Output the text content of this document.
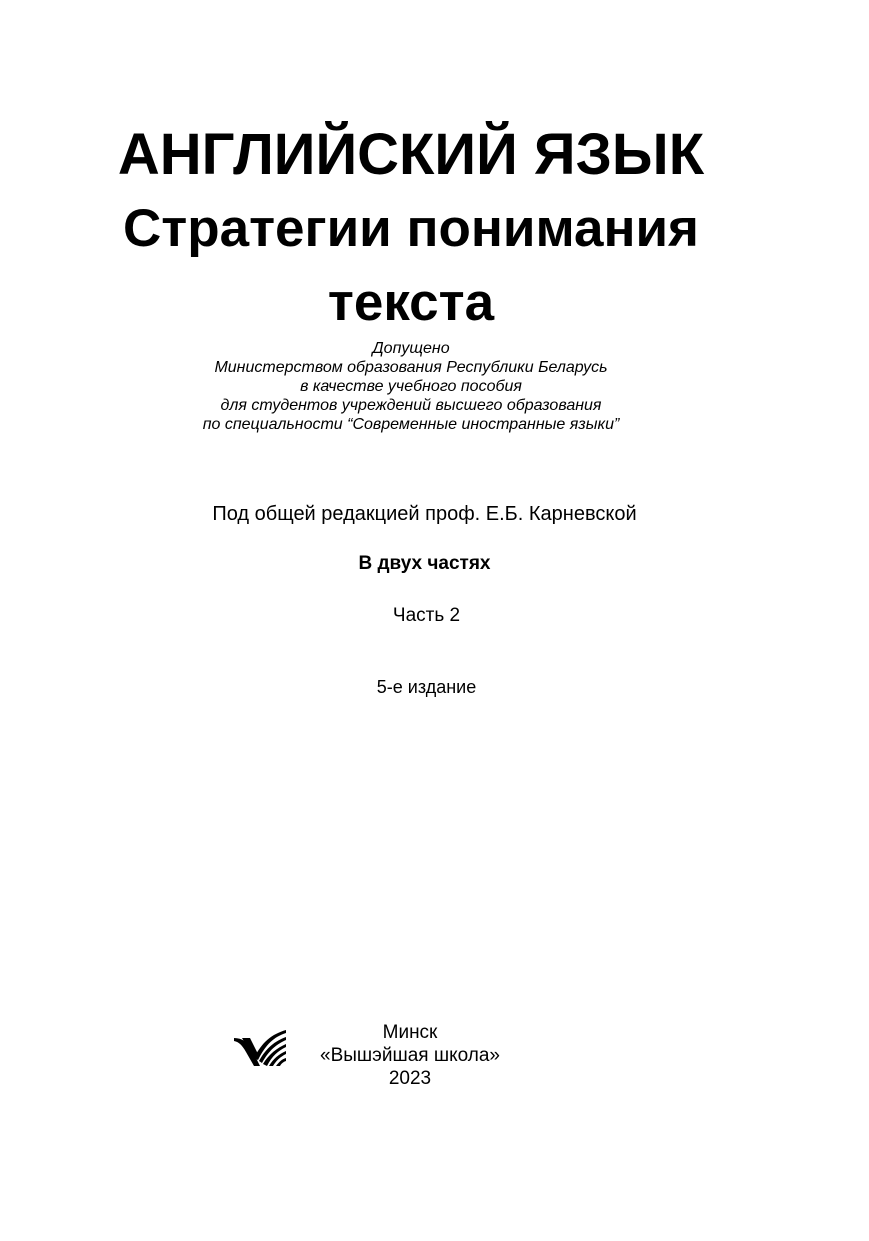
АНГЛИЙСКИЙ ЯЗЫК
Стратегии понимания
текста
Допущено
Министерством образования Республики Беларусь
в качестве учебного пособия
для студентов учреждений высшего образования
по специальности “Современные иностранные языки”
Под общей редакцией проф. Е.Б. Карневской
В двух частях
Часть 2
5-е издание
Минск
«Вышэйшая школа»
2023
